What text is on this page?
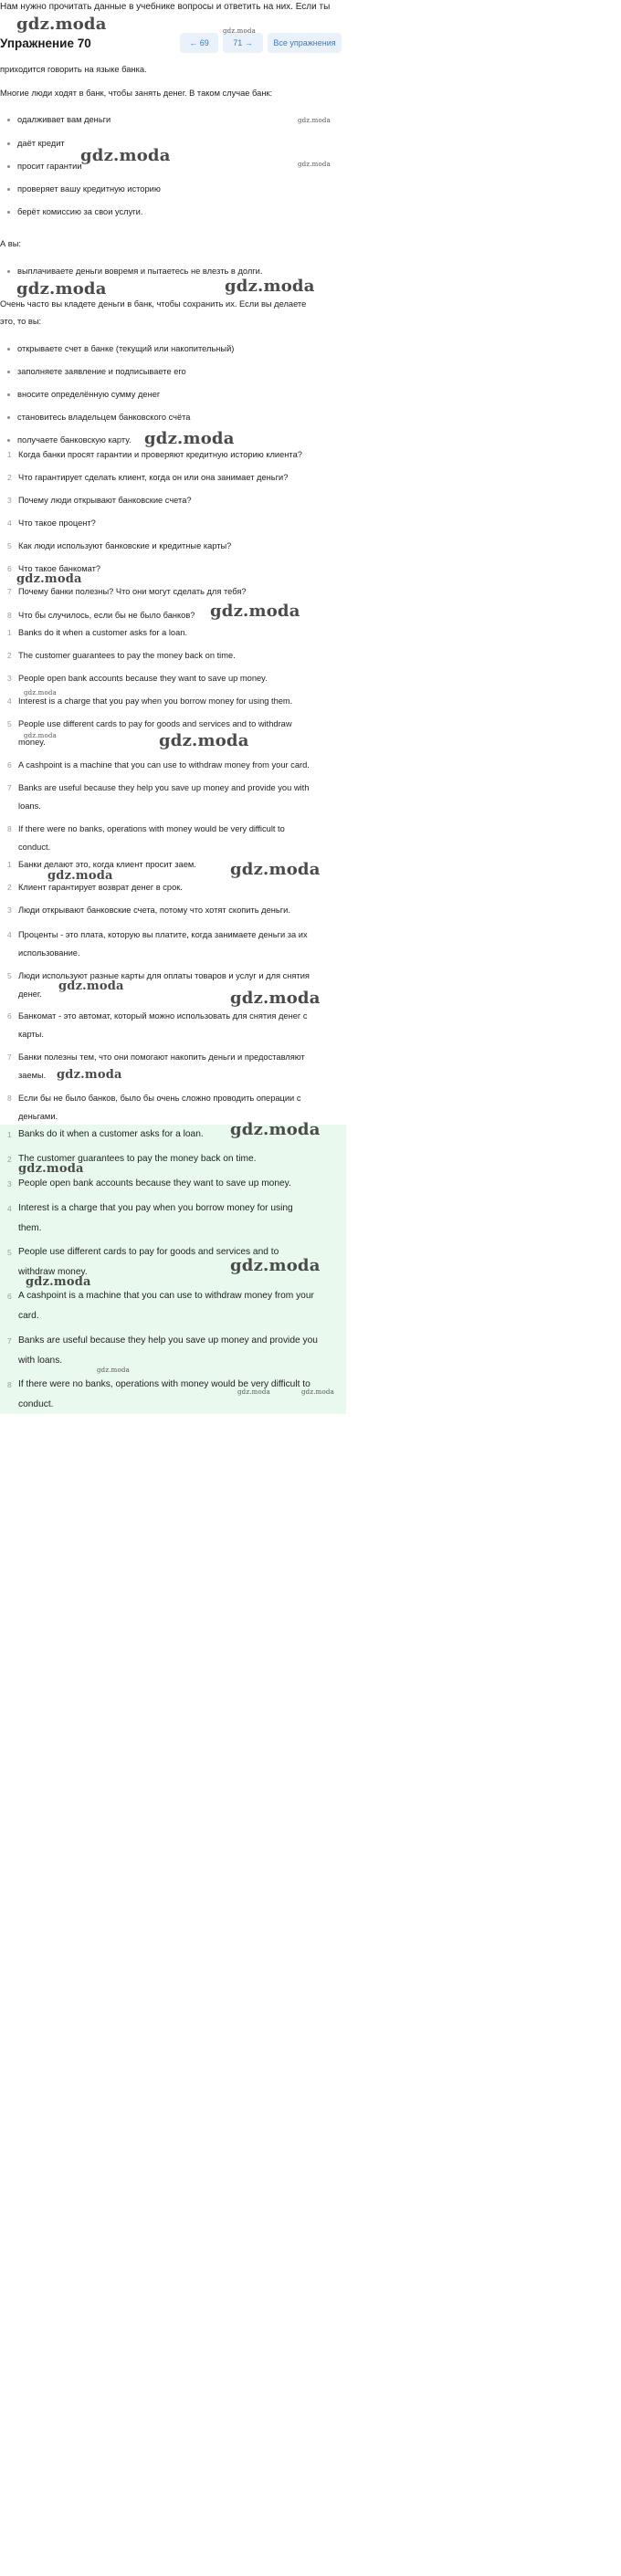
Нам нужно прочитать данные в учебнике вопросы и ответить на них. Если ты
Упражнение 70	← 69	71 →	Все упражнения
приходится говорить на языке банка.
Многие люди ходят в банк, чтобы занять денег. В таком случае банк:
одалживает вам деньги
даёт кредит
просит гарантии
проверяет вашу кредитную историю
берёт комиссию за свои услуги.
А вы:
выплачиваете деньги вовремя и пытаетесь не влезть в долги.
Очень часто вы кладете деньги в банк, чтобы сохранить их. Если вы делаете
это, то вы:
открываете счет в банке (текущий или накопительный)
заполняете заявление и подписываете его
вносите определённую сумму денег
становитесь владельцем банковского счёта
получаете банковскую карту.
1 Когда банки просят гарантии и проверяют кредитную историю клиента?
2 Что гарантирует сделать клиент, когда он или она занимает деньги?
3 Почему люди открывают банковские счета?
4 Что такое процент?
5 Как люди используют банковские и кредитные карты?
6 Что такое банкомат?
7 Почему банки полезны? Что они могут сделать для тебя?
8 Что бы случилось, если бы не было банков?
1 Banks do it when a customer asks for a loan.
2 The customer guarantees to pay the money back on time.
3 People open bank accounts because they want to save up money.
4 Interest is a charge that you pay when you borrow money for using them.
5 People use different cards to pay for goods and services and to withdraw
money.
6 A cashpoint is a machine that you can use to withdraw money from your card.
7 Banks are useful because they help you save up money and provide you with
loans.
8 If there were no banks, operations with money would be very difficult to
conduct.
1 Банки делают это, когда клиент просит заем.
2 Клиент гарантирует возврат денег в срок.
3 Люди открывают банковские счета, потому что хотят скопить деньги.
4 Проценты - это плата, которую вы платите, когда занимаете деньги за их
использование.
5 Люди используют разные карты для оплаты товаров и услуг и для снятия
денег.
6 Банкомат - это автомат, который можно использовать для снятия денег с
карты.
7 Банки полезны тем, что они помогают накопить деньги и предоставляют
заемы.
8 Если бы не было банков, было бы очень сложно проводить операции с
деньгами.
1 Banks do it when a customer asks for a loan.
2 The customer guarantees to pay the money back on time.
3 People open bank accounts because they want to save up money.
4 Interest is a charge that you pay when you borrow money for using
them.
5 People use different cards to pay for goods and services and to
withdraw money.
6 A cashpoint is a machine that you can use to withdraw money from your
card.
7 Banks are useful because they help you save up money and provide you
with loans.
8 If there were no banks, operations with money would be very difficult to
conduct.
gdz.moda	gdz.moda
gdz.moda
gdz.moda	gdz.moda
gdz.moda	gdz.moda
gdz.moda
gdz.moda
gdz.moda
gdz.moda
gdz.moda	gdz.moda
gdz.moda
gdz.moda
gdz.moda
gdz.moda
gdz.moda
gdz.moda
gdz.moda
gdz.moda
gdz.moda
gdz.moda
gdz.moda	gdz.moda
